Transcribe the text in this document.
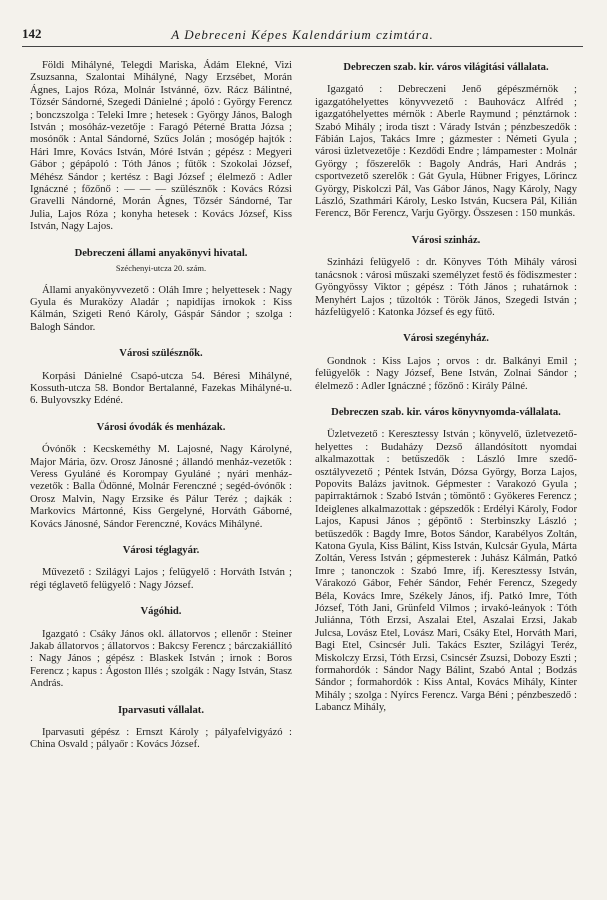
142	A Debreceni Képes Kalendárium czimtára.

Földi Mihályné, Telegdi Mariska, Ádám Elekné, Vizi Zsuzsanna, Szalontai Mihályné, Nagy Erzsébet, Morán Ágnes, Lajos Róza, Molnár Istvánné, özv. Rácz Bálintné, Tőzsér Sándorné, Szegedi Dánielné ; ápoló : György Ferencz ; bonczszolga : Teleki Imre ; hetesek : György János, Balogh István ; mosóház-vezetője : Faragó Péterné Bratta Józsa ; mosónők : Antal Sándorné, Szűcs Jolán ; mosógép hajtók : Hári Imre, Kovács István, Móré István ; gépész : Megyeri Gábor ; gépápoló : Tóth János ; fűtők : Szokolai József, Méhész Sándor ; kertész : Bagi József ; élelmező : Adler Ignáczné ; főzőnő : — — — szülésznők : Kovács Rózsi Gravelli Nándorné, Morán Ágnes, Tőzsér Sándorné, Tar Julia, Lajos Róza ; konyha hetesek : Kovács József, Kiss István, Nagy Lajos.

Debreczeni állami anyakönyvi hivatal.
Széchenyi-utcza 20. szám.

Állami anyakönyvvezető : Oláh Imre ; helyettesek : Nagy Gyula és Muraközy Aladár ; napidíjas irnokok : Kiss Kálmán, Szigeti Renó Károly, Gáspár Sándor ; szolga : Balogh Sándor.

Városi szülésznők.

Korpási Dánielné Csapó-utcza 54. Béresi Mihályné, Kossuth-utcza 58. Bondor Bertalanné, Fazekas Mihályné-u. 6. Bulyovszky Edéné.

Városi óvodák és menházak.

Óvónők : Kecskeméthy M. Lajosné, Nagy Károlyné, Major Mária, özv. Orosz Jánosné ; állandó menház-vezetők : Veress Gyuláné és Korompay Gyuláné ; nyári menház-vezetők : Balla Ödönné, Molnár Ferenczné ; segéd-óvónők : Orosz Malvin, Nagy Erzsike és Pálur Teréz ; dajkák : Markovics Mártonné, Kiss Gergelyné, Horváth Gáborné, Kovács Jánosné, Sándor Ferenczné, Kovács Mihályné.

Városi téglagyár.

Művezető : Szilágyi Lajos ; felügyelő : Horváth István ; régi téglavető felügyelő : Nagy József.

Vágóhid.

Igazgató : Csáky János okl. állatorvos ; ellenőr : Steiner Jakab állatorvos ; állatorvos : Bakcsy Ferencz ; bárczakiállító : Nagy János ; gépész : Blaskek István ; irnok : Boros Ferencz ; kapus : Ágoston Illés ; szolgák : Nagy István, Stasz András.

Iparvasuti vállalat.

Iparvasuti gépész : Ernszt Károly ; pályafelvigyázó : China Osvald ; pályaőr : Kovács József.

Debreczen szab. kir. város világitási vállalata.

Igazgató : Debreczeni Jenő gépészmérnök ; igazgatóhelyettes könyvvezető : Bauhovácz Alfréd ; igazgatóhelyettes mérnök : Aberle Raymund ; pénztárnok : Szabó Mihály ; iroda tiszt : Várady István ; pénzbeszedők : Fábián Lajos, Takács Imre ; gázmester : Németi Gyula ; városi üzletvezetője : Kezdődi Endre ; lámpamester : Molnár György ; főszerelők : Bagoly András, Hari András ; csportvezető szerelők : Gát Gyula, Hübner Frigyes, Lőrincz György, Piskolczi Pál, Vas Gábor János, Nagy Károly, Nagy László, Szathmári Károly, Lesko István, Kucsera Pál, Kilián Ferencz, Bőr Ferencz, Varju György. Összesen : 150 munkás.

Városi szinház.

Szinházi felügyelő : dr. Könyves Tóth Mihály városi tanácsnok : városi műszaki személyzet festő és födiszmester : Gyöngyössy Viktor ; gépész : Tóth János ; ruhatárnok : Menyhért Lajos ; tűzoltók : Török János, Szegedi István ; házfelügyelő : Katonka József és egy fütő.

Városi szegényház.

Gondnok : Kiss Lajos ; orvos : dr. Balkányi Emil ; felügyelők : Nagy József, Bene István, Zolnai Sándor ; élelmező : Adler Ignáczné ; főzőnő : Király Pálné.

Debreczen szab. kir. város könyvnyomda-vállalata.

Üzletvezető : Keresztessy István ; könyvelő, üzletvezető-helyettes : Budaházy Dezső állandósított nyomdai alkalmazottak : betűszedők : László Imre szedő-osztályvezető ; Péntek István, Dózsa György, Borza Lajos, Popovits Balázs javitnok. Gépmester : Varakozó Gyula ; papirraktárnok : Szabó István ; tömöntő : Gyökeres Ferencz ; Ideiglenes alkalmazottak : gépszedők : Erdélyi Károly, Fodor Lajos, Kapusi János ; gépöntő : Sterbinszky László ; betűszedők : Bagdy Imre, Botos Sándor, Karabélyos Zoltán, Katona Gyula, Kiss Bálint, Kiss István, Kulcsár Gyula, Márta Zoltán, Veress István ; gépmesterek : Juhász Kálmán, Patkó Imre ; tanonczok : Szabó Imre, ifj. Keresztessy István, Várakozó Gábor, Fehér Sándor, Fehér Ferencz, Szegedy Béla, Kovács Imre, Székely János, ifj. Patkó Imre, Tóth József, Tóth Jani, Grünfeld Vilmos ; irvakó-leányok : Tóth Juliánna, Tóth Erzsi, Aszalai Etel, Aszalai Erzsi, Jakab Julcsa, Lovász Etel, Lovász Mari, Csáky Etel, Horváth Mari, Bagi Etel, Csincsér Juli. Takács Eszter, Szilágyi Teréz, Miskolczy Erzsi, Tóth Erzsi, Csincsér Zsuzsi, Dobozy Eszti ; formahordók : Sándor Nagy Bálint, Szabó Antal ; Bodzás Sándor ; formahordók : Kiss Antal, Kovács Mihály, Kinter Mihály ; szolga : Nyírcs Ferencz. Varga Béni ; pénzbeszedő : Labancz Mihály,
